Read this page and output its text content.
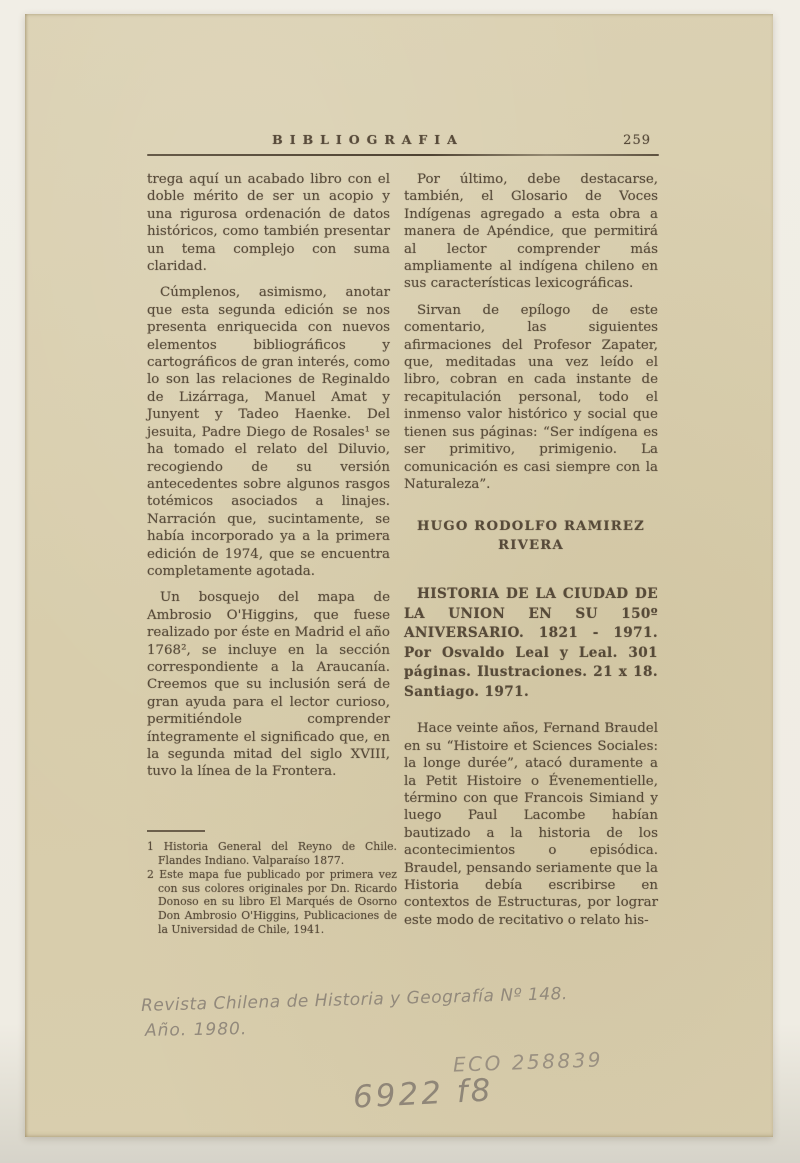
BIBLIOGRAFIA	259

trega aquí un acabado libro con el doble mérito de ser un acopio y una rigurosa ordenación de datos históricos, como también presentar un tema complejo con suma claridad.

Cúmplenos, asimismo, anotar que esta segunda edición se nos presenta enriquecida con nuevos elementos bibliográficos y cartográficos de gran interés, como lo son las relaciones de Reginaldo de Lizárraga, Manuel Amat y Junyent y Tadeo Haenke. Del jesuita, Padre Diego de Rosales¹ se ha tomado el relato del Diluvio, recogiendo de su versión antecedentes sobre algunos rasgos totémicos asociados a linajes. Narración que, sucintamente, se había incorporado ya a la primera edición de 1974, que se encuentra completamente agotada.

Un bosquejo del mapa de Ambrosio O'Higgins, que fuese realizado por éste en Madrid el año 1768², se incluye en la sección correspondiente a la Araucanía. Creemos que su inclusión será de gran ayuda para el lector curioso, permitiéndole comprender íntegramente el significado que, en la segunda mitad del siglo XVIII, tuvo la línea de la Frontera.

1 Historia General del Reyno de Chile. Flandes Indiano. Valparaíso 1877.
2 Este mapa fue publicado por primera vez con sus colores originales por Dn. Ricardo Donoso en su libro El Marqués de Osorno Don Ambrosio O'Higgins, Publicaciones de la Universidad de Chile, 1941.

Por último, debe destacarse, también, el Glosario de Voces Indígenas agregado a esta obra a manera de Apéndice, que permitirá al lector comprender más ampliamente al indígena chileno en sus características lexicográficas.

Sirvan de epílogo de este comentario, las siguientes afirmaciones del Profesor Zapater, que, meditadas una vez leído el libro, cobran en cada instante de recapitulación personal, todo el inmenso valor histórico y social que tienen sus páginas: “Ser indígena es ser primitivo, primigenio. La comunicación es casi siempre con la Naturaleza”.

HUGO RODOLFO RAMIREZ RIVERA

HISTORIA DE LA CIUDAD DE LA UNION EN SU 150º ANIVERSARIO. 1821 - 1971. Por Osvaldo Leal y Leal. 301 páginas. Ilustraciones. 21 x 18. Santiago. 1971.

Hace veinte años, Fernand Braudel en su “Histoire et Sciences Sociales: la longe durée”, atacó duramente a la Petit Histoire o Évenementielle, término con que Francois Simiand y luego Paul Lacombe habían bautizado a la historia de los acontecimientos o episódica. Braudel, pensando seriamente que la Historia debía escribirse en contextos de Estructuras, por lograr este modo de recitativo o relato his-

Revista Chilena de Historia y Geografía Nº 148.
Año. 1980.
ECO 258839
6922 f8
